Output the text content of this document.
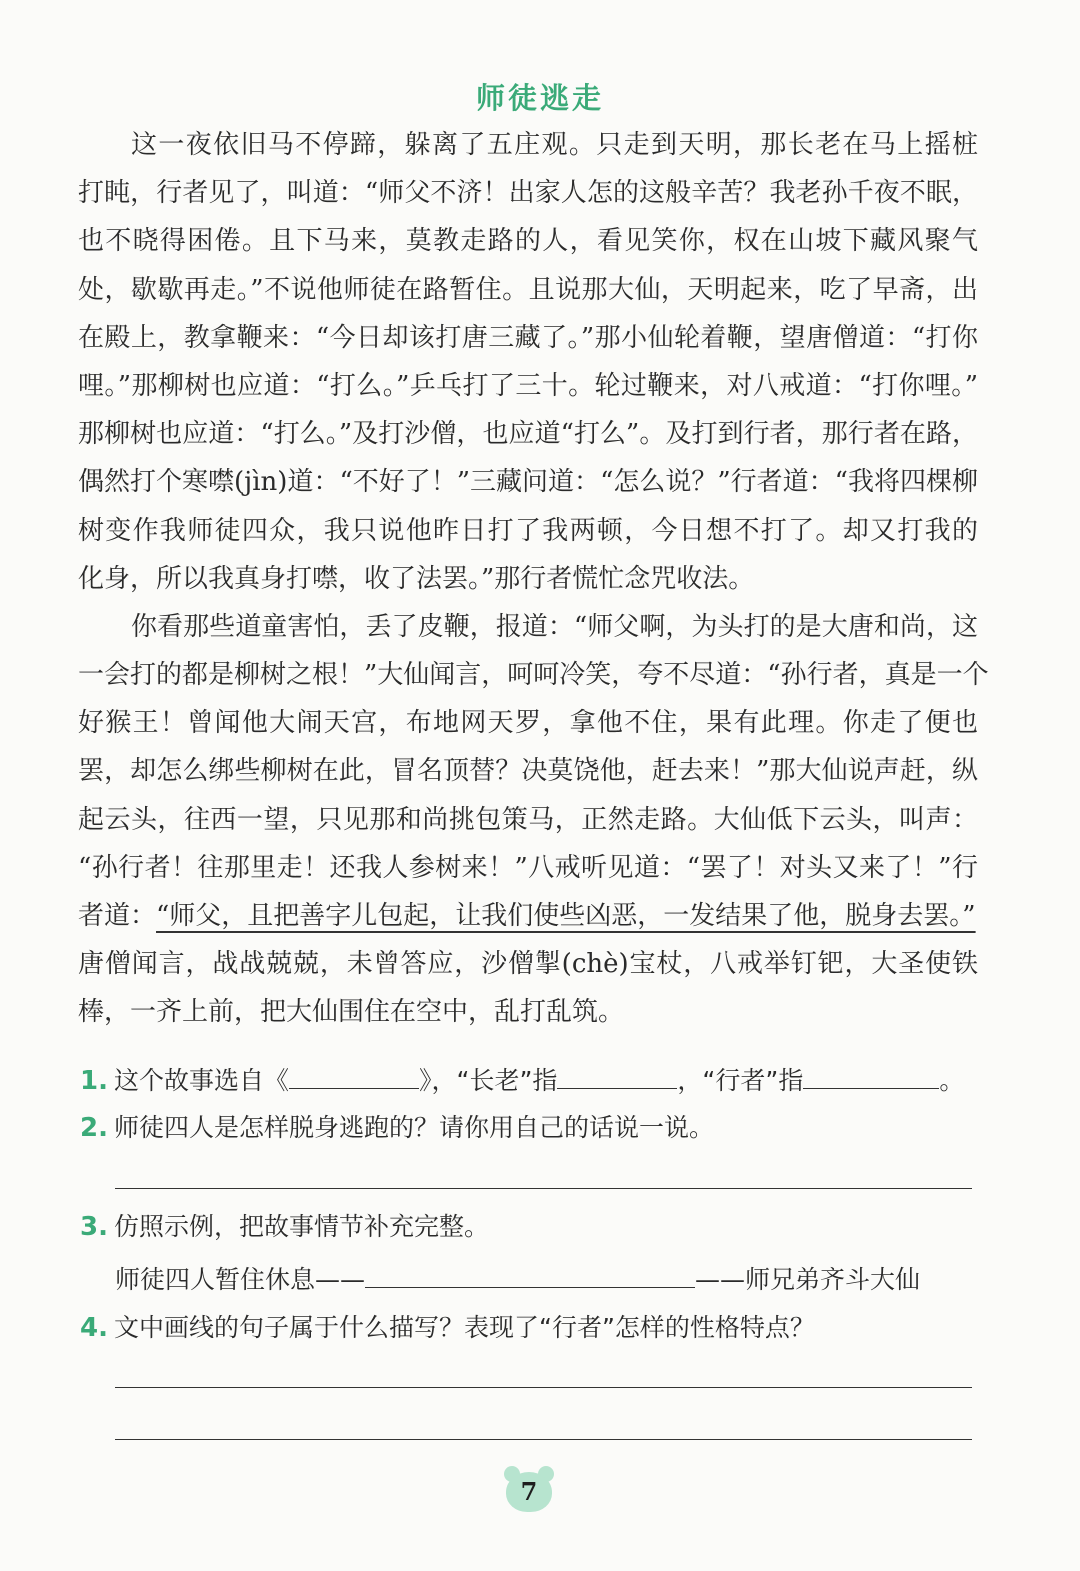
师徒逃走
这一夜依旧马不停蹄，躲离了五庄观。只走到天明，那长老在马上摇桩
打盹，行者见了，叫道：“师父不济！出家人怎的这般辛苦？我老孙千夜不眠，
也不晓得困倦。且下马来，莫教走路的人，看见笑你，权在山坡下藏风聚气
处，歇歇再走。”不说他师徒在路暂住。且说那大仙，天明起来，吃了早斋，出
在殿上，教拿鞭来：“今日却该打唐三藏了。”那小仙轮着鞭，望唐僧道：“打你
哩。”那柳树也应道：“打么。”乒乓打了三十。轮过鞭来，对八戒道：“打你哩。”
那柳树也应道：“打么。”及打沙僧，也应道“打么”。及打到行者，那行者在路，
偶然打个寒噤(jìn)道：“不好了！”三藏问道：“怎么说？”行者道：“我将四棵柳
树变作我师徒四众，我只说他昨日打了我两顿，今日想不打了。却又打我的
化身，所以我真身打噤，收了法罢。”那行者慌忙念咒收法。
你看那些道童害怕，丢了皮鞭，报道：“师父啊，为头打的是大唐和尚，这
一会打的都是柳树之根！”大仙闻言，呵呵冷笑，夸不尽道：“孙行者，真是一个
好猴王！曾闻他大闹天宫，布地网天罗，拿他不住，果有此理。你走了便也
罢，却怎么绑些柳树在此，冒名顶替？决莫饶他，赶去来！”那大仙说声赶，纵
起云头，往西一望，只见那和尚挑包策马，正然走路。大仙低下云头，叫声：
“孙行者！往那里走！还我人参树来！”八戒听见道：“罢了！对头又来了！”行
者道：“师父，且把善字儿包起，让我们使些凶恶，一发结果了他，脱身去罢。”
唐僧闻言，战战兢兢，未曾答应，沙僧掣(chè)宝杖，八戒举钉钯，大圣使铁
棒，一齐上前，把大仙围住在空中，乱打乱筑。
1. 这个故事选自《	》，“长老”指	，“行者”指	。
2. 师徒四人是怎样脱身逃跑的？请你用自己的话说一说。
3. 仿照示例，把故事情节补充完整。
师徒四人暂住休息——	——师兄弟齐斗大仙
4. 文中画线的句子属于什么描写？表现了“行者”怎样的性格特点？
7
